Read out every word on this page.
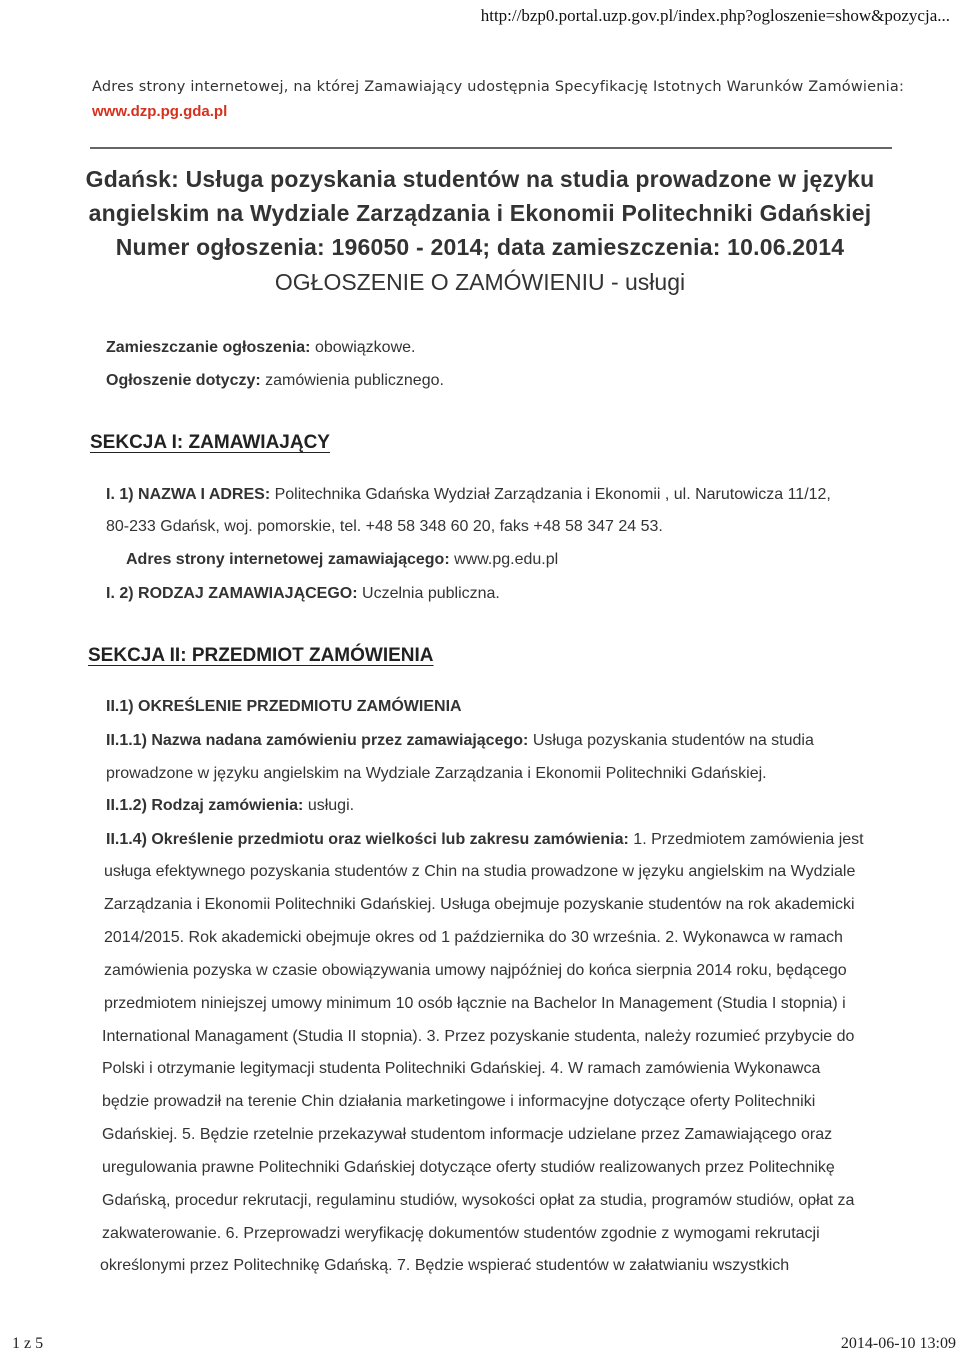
http://bzp0.portal.uzp.gov.pl/index.php?ogloszenie=show&pozycja...
Adres strony internetowej, na której Zamawiający udostępnia Specyfikację Istotnych Warunków Zamówienia:
www.dzp.pg.gda.pl
Gdańsk: Usługa pozyskania studentów na studia prowadzone w języku
angielskim na Wydziale Zarządzania i Ekonomii Politechniki Gdańskiej
Numer ogłoszenia: 196050 - 2014; data zamieszczenia: 10.06.2014
OGŁOSZENIE O ZAMÓWIENIU - usługi
Zamieszczanie ogłoszenia: obowiązkowe.
Ogłoszenie dotyczy: zamówienia publicznego.
SEKCJA I: ZAMAWIAJĄCY
I. 1) NAZWA I ADRES: Politechnika Gdańska Wydział Zarządzania i Ekonomii , ul. Narutowicza 11/12,
80-233 Gdańsk, woj. pomorskie, tel. +48 58 348 60 20, faks +48 58 347 24 53.
Adres strony internetowej zamawiającego: www.pg.edu.pl
I. 2) RODZAJ ZAMAWIAJĄCEGO: Uczelnia publiczna.
SEKCJA II: PRZEDMIOT ZAMÓWIENIA
II.1) OKREŚLENIE PRZEDMIOTU ZAMÓWIENIA
II.1.1) Nazwa nadana zamówieniu przez zamawiającego: Usługa pozyskania studentów na studia
prowadzone w języku angielskim na Wydziale Zarządzania i Ekonomii Politechniki Gdańskiej.
II.1.2) Rodzaj zamówienia: usługi.
II.1.4) Określenie przedmiotu oraz wielkości lub zakresu zamówienia: 1. Przedmiotem zamówienia jest
usługa efektywnego pozyskania studentów z Chin na studia prowadzone w języku angielskim na Wydziale
Zarządzania i Ekonomii Politechniki Gdańskiej. Usługa obejmuje pozyskanie studentów na rok akademicki
2014/2015. Rok akademicki obejmuje okres od 1 października do 30 września. 2. Wykonawca w ramach
zamówienia pozyska w czasie obowiązywania umowy najpóźniej do końca sierpnia 2014 roku, będącego
przedmiotem niniejszej umowy minimum 10 osób łącznie na Bachelor In Management (Studia I stopnia) i
International Managament (Studia II stopnia). 3. Przez pozyskanie studenta, należy rozumieć przybycie do
Polski i otrzymanie legitymacji studenta Politechniki Gdańskiej. 4. W ramach zamówienia Wykonawca
będzie prowadził na terenie Chin działania marketingowe i informacyjne dotyczące oferty Politechniki
Gdańskiej. 5. Będzie rzetelnie przekazywał studentom informacje udzielane przez Zamawiającego oraz
uregulowania prawne Politechniki Gdańskiej dotyczące oferty studiów realizowanych przez Politechnikę
Gdańską, procedur rekrutacji, regulaminu studiów, wysokości opłat za studia, programów studiów, opłat za
zakwaterowanie. 6. Przeprowadzi weryfikację dokumentów studentów zgodnie z wymogami rekrutacji
określonymi przez Politechnikę Gdańską. 7. Będzie wspierać studentów w załatwianiu wszystkich
1 z 5	2014-06-10 13:09
